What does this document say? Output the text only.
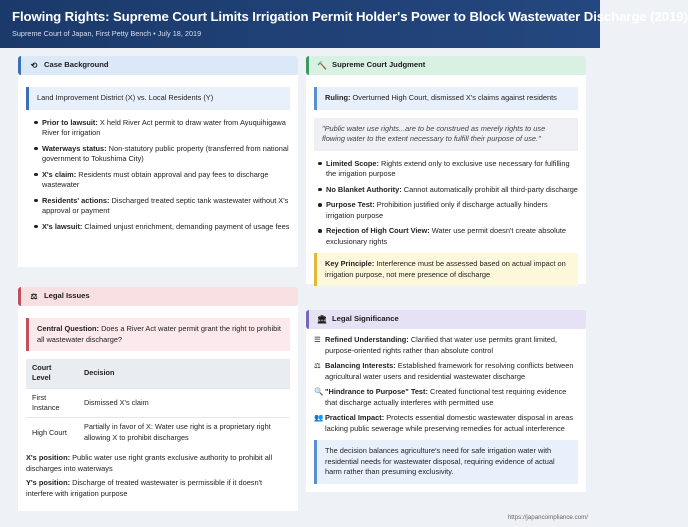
Flowing Rights: Supreme Court Limits Irrigation Permit Holder's Power to Block Wastewater Discharge (2019)
Supreme Court of Japan, First Petty Bench • July 18, 2019
⟲ Case Background
Land Improvement District (X) vs. Local Residents (Y)
Prior to lawsuit: X held River Act permit to draw water from Ayuquihigawa River for irrigation
Waterways status: Non-statutory public property (transferred from national government to Tokushima City)
X's claim: Residents must obtain approval and pay fees to discharge wastewater
Residents' actions: Discharged treated septic tank wastewater without X's approval or payment
X's lawsuit: Claimed unjust enrichment, demanding payment of usage fees
⚖ Legal Issues
Central Question: Does a River Act water permit grant the right to prohibit all wastewater discharge?
Court Level	Decision
First Instance	Dismissed X's claim
High Court	Partially in favor of X: Water use right is a proprietary right allowing X to prohibit discharges
X's position: Public water use right grants exclusive authority to prohibit all discharges into waterways
Y's position: Discharge of treated wastewater is permissible if it doesn't interfere with irrigation purpose
🔨 Supreme Court Judgment
Ruling: Overturned High Court, dismissed X's claims against residents
"Public water use rights...are to be construed as merely rights to use flowing water to the extent necessary to fulfill their purpose of use."
Limited Scope: Rights extend only to exclusive use necessary for fulfilling the irrigation purpose
No Blanket Authority: Cannot automatically prohibit all third-party discharge
Purpose Test: Prohibition justified only if discharge actually hinders irrigation purpose
Rejection of High Court View: Water use permit doesn't create absolute exclusionary rights
Key Principle: Interference must be assessed based on actual impact on irrigation purpose, not mere presence of discharge
🏛 Legal Significance
☰ Refined Understanding: Clarified that water use permits grant limited, purpose-oriented rights rather than absolute control
⚖ Balancing Interests: Established framework for resolving conflicts between agricultural water users and residential wastewater discharge
🔍 "Hindrance to Purpose" Test: Created functional test requiring evidence that discharge actually interferes with permitted use
👥 Practical Impact: Protects essential domestic wastewater disposal in areas lacking public sewerage while preserving remedies for actual interference
The decision balances agriculture's need for safe irrigation water with residential needs for wastewater disposal, requiring evidence of actual harm rather than presuming exclusivity.
https://japancompliance.com/
